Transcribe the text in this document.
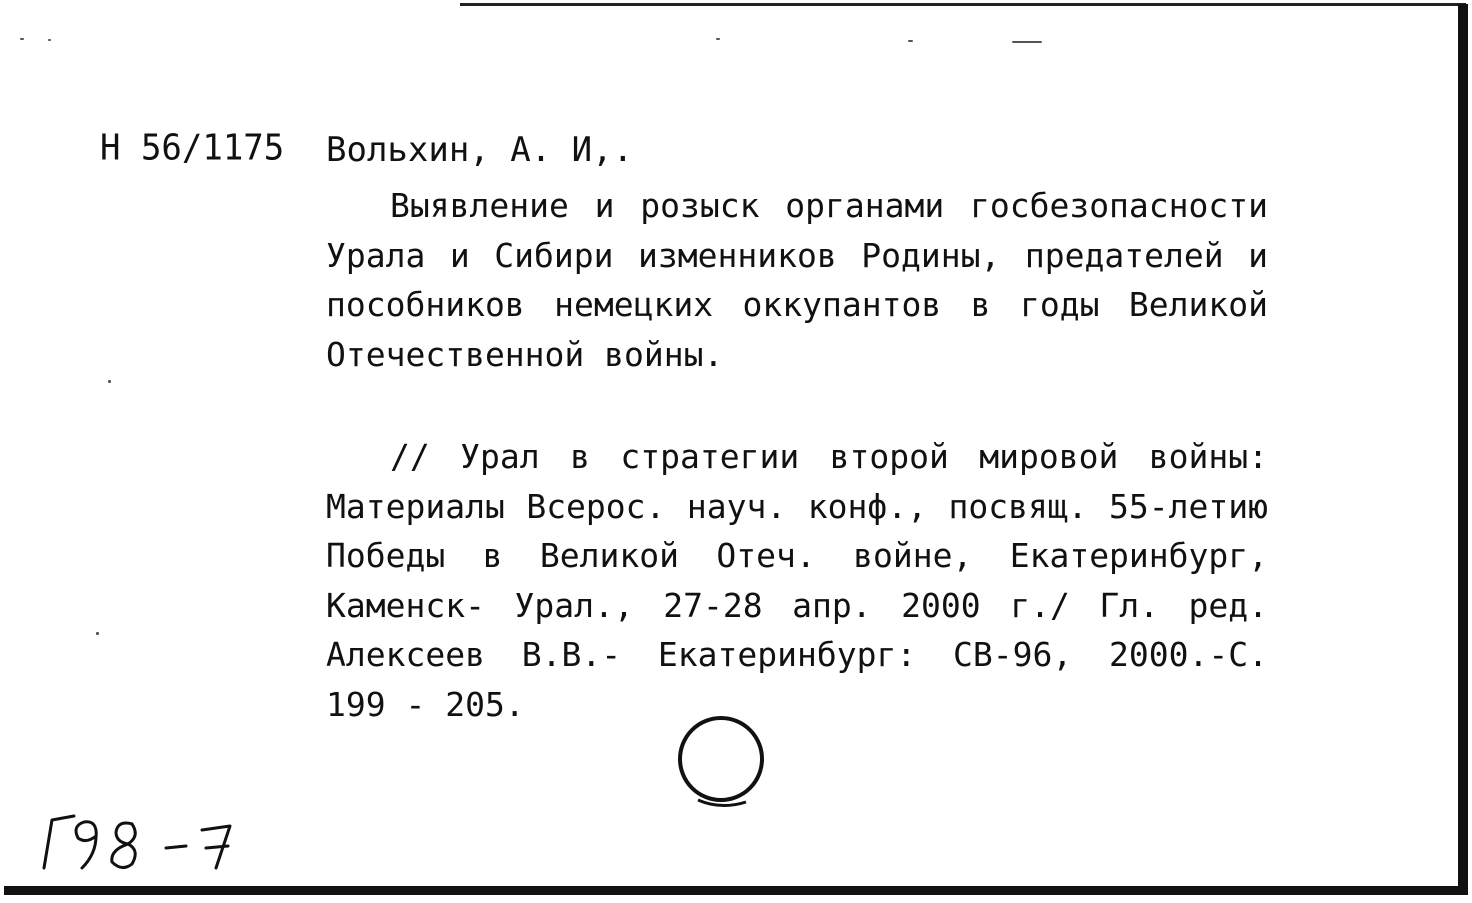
Н 56/1175 Вольхин, А. И,.
Выявление и розыск органами госбезопасности Урала и Сибири изменников Родины, предателей и пособников немецких оккупантов в годы Великой Отечественной войны.
// Урал в стратегии второй мировой войны: Материалы Всерос. науч. конф., посвящ. 55-летию Победы в Великой Отеч. войне, Екатеринбург, Каменск- Урал., 27-28 апр. 2000 г./ Гл. ред. Алексеев В.В.- Екатеринбург: СВ-96, 2000.-С. 199 - 205.
